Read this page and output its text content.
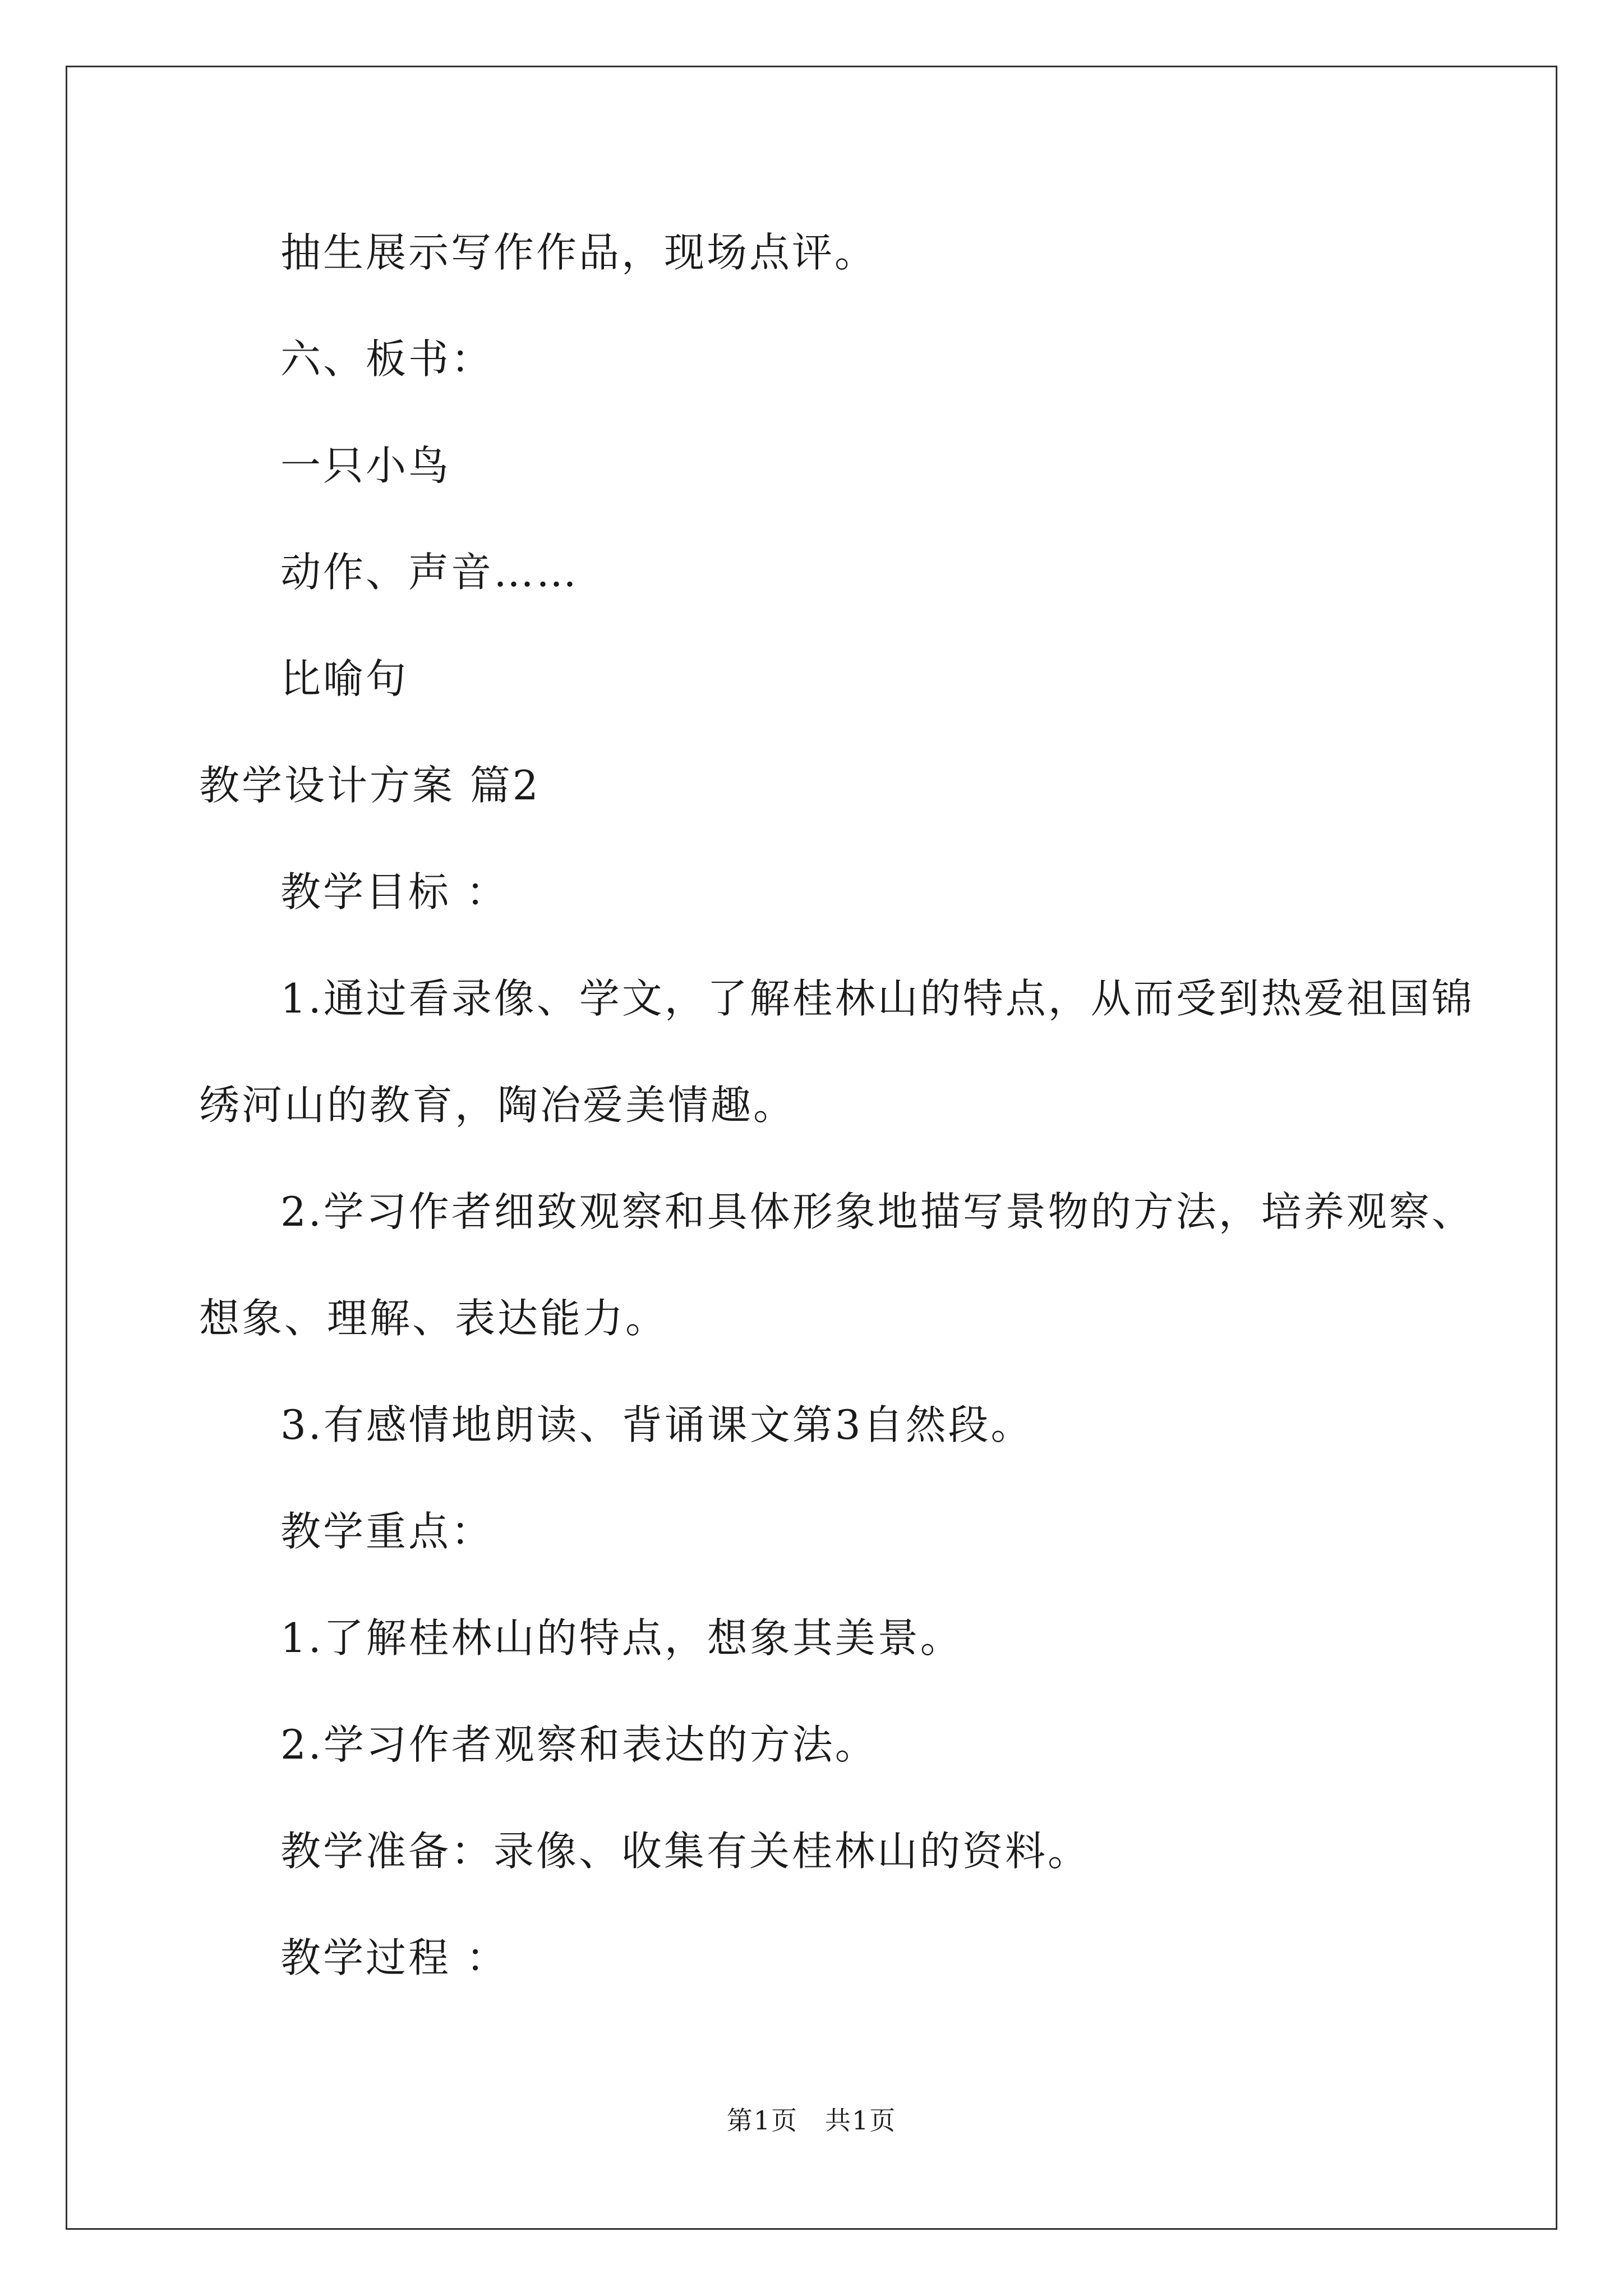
抽生展示写作作品，现场点评。
六、板书：
一只小鸟
动作、声音……
比喻句
教学设计方案 篇2
教学目标 ：
1.通过看录像、学文，了解桂林山的特点，从而受到热爱祖国锦
绣河山的教育，陶冶爱美情趣。
2.学习作者细致观察和具体形象地描写景物的方法，培养观察、
想象、理解、表达能力。
3.有感情地朗读、背诵课文第3自然段。
教学重点：
1.了解桂林山的特点，想象其美景。
2.学习作者观察和表达的方法。
教学准备：录像、收集有关桂林山的资料。
教学过程 ：
第1页 共1页
